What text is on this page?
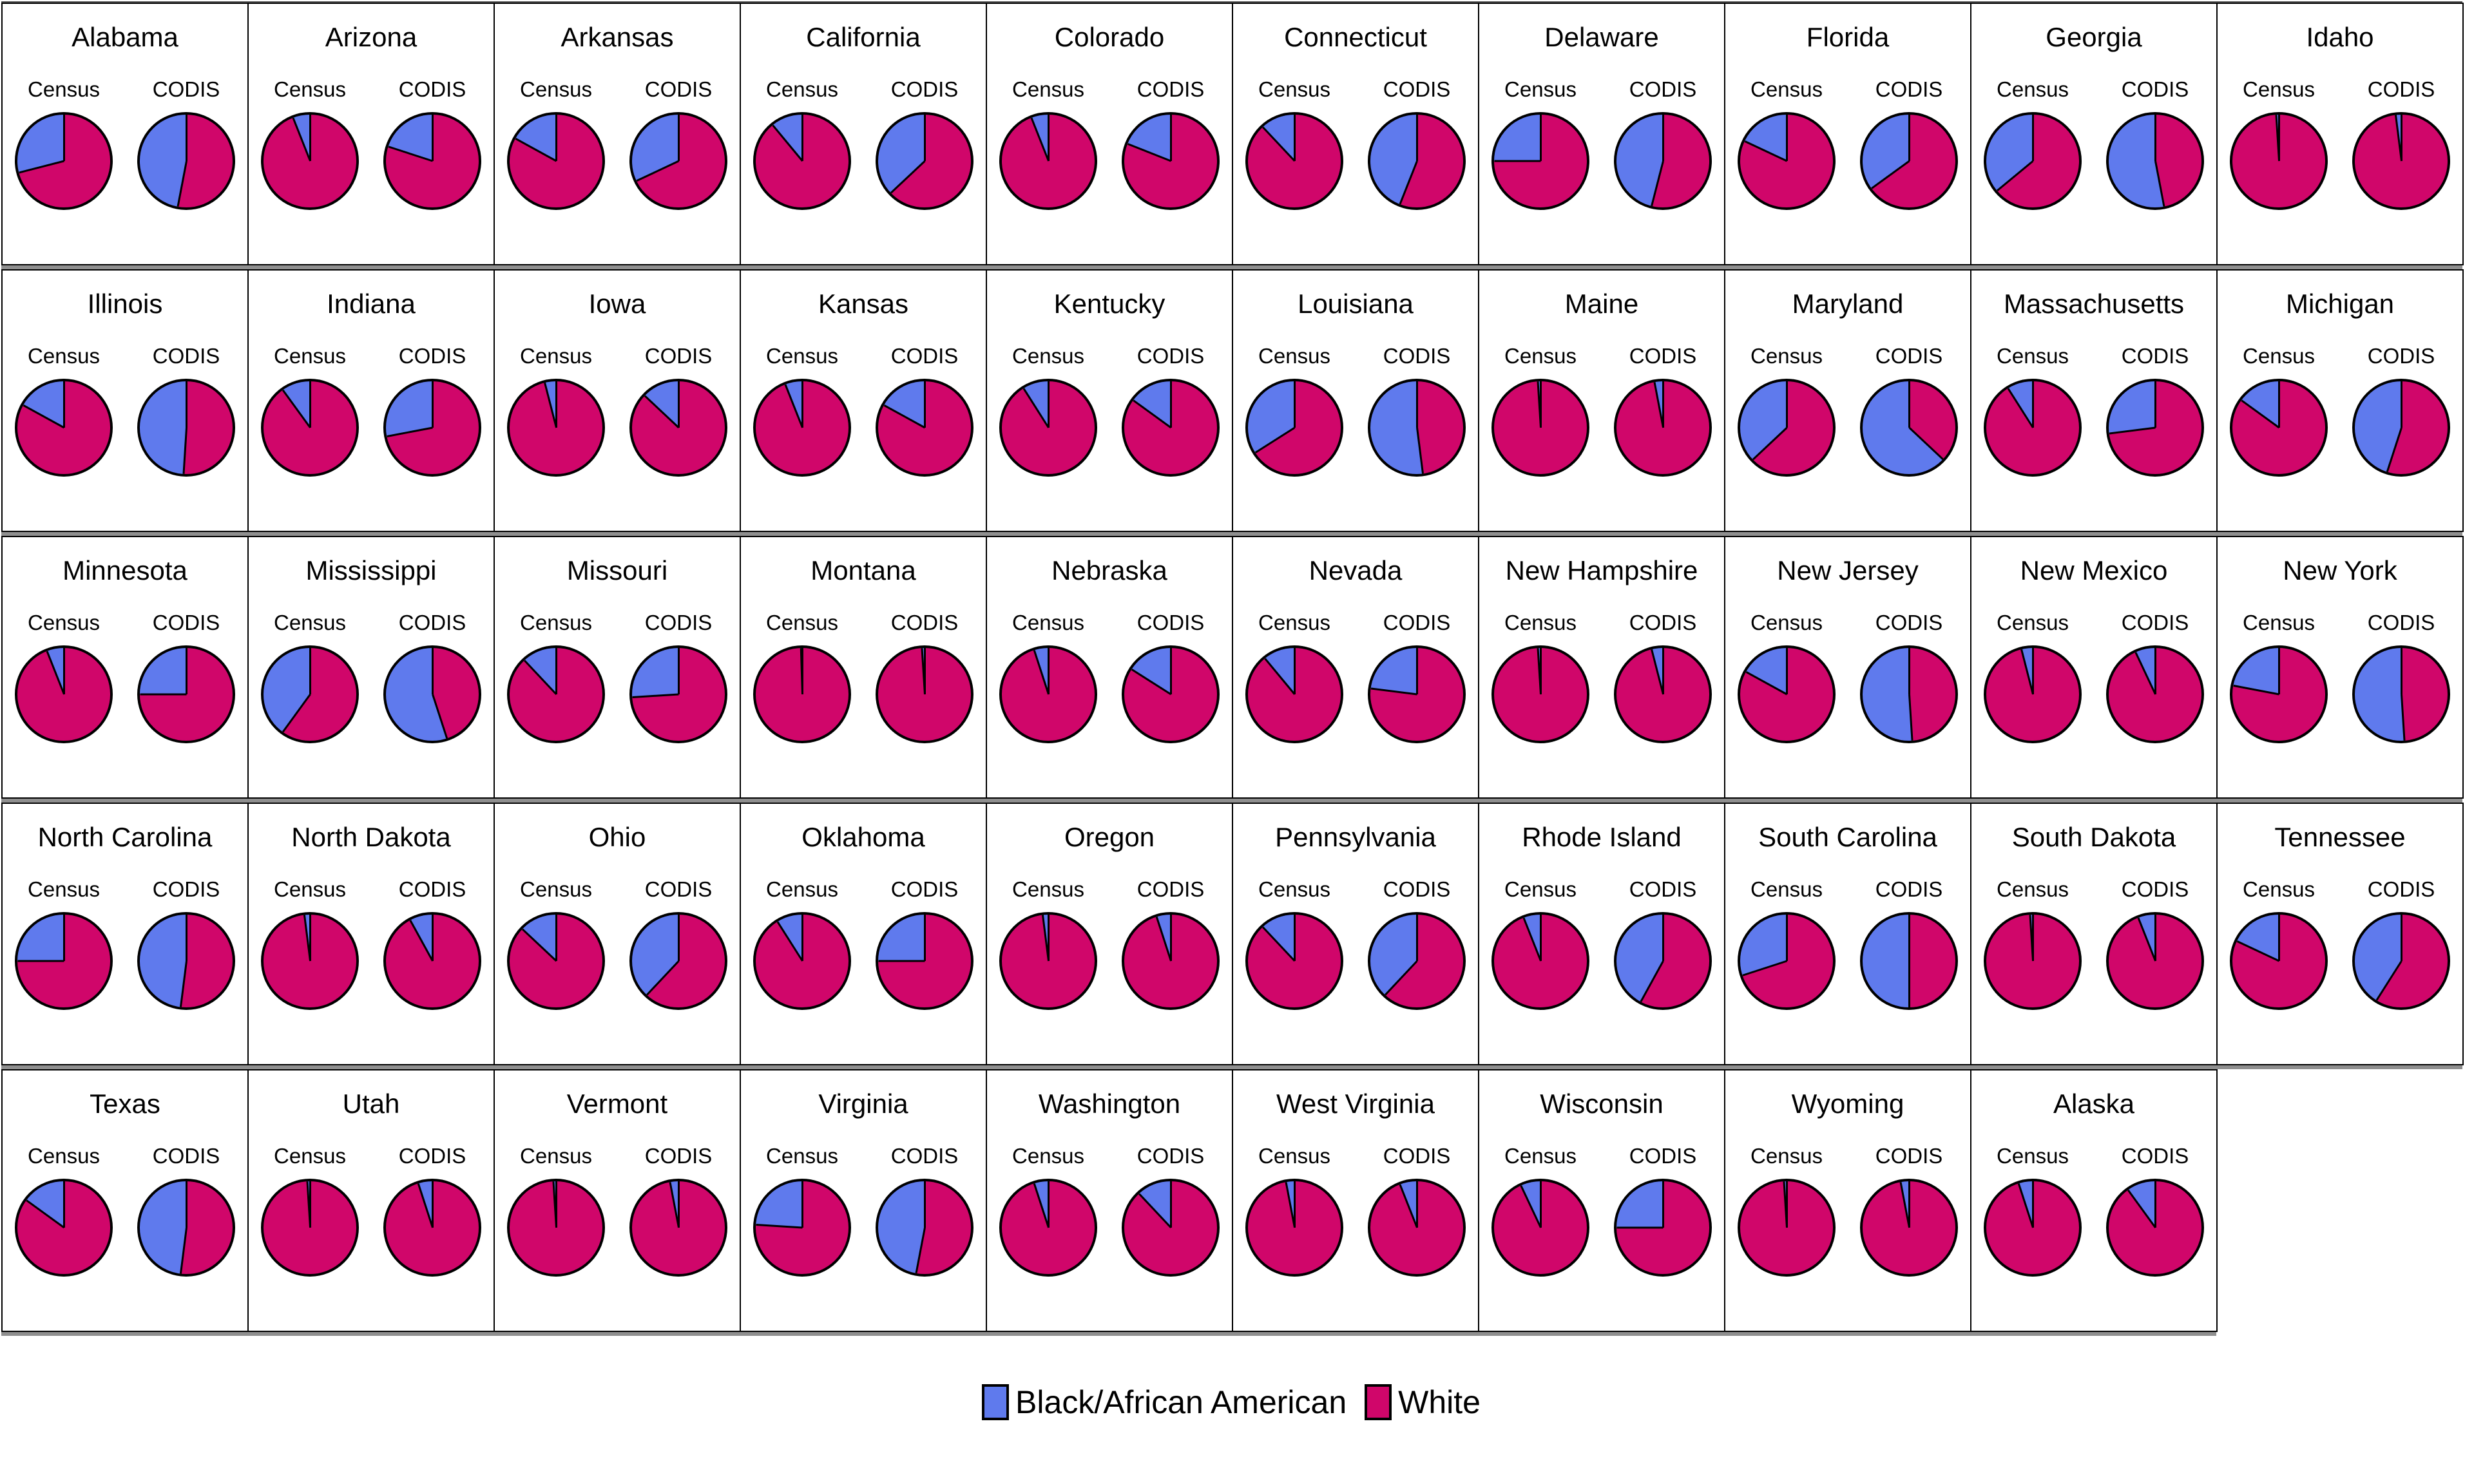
Alabama
Census	CODIS
Arizona
Census	CODIS
Arkansas
Census	CODIS
California
Census	CODIS
Colorado
Census	CODIS
Connecticut
Census	CODIS
Delaware
Census	CODIS
Florida
Census	CODIS
Georgia
Census	CODIS
Idaho
Census	CODIS
Illinois
Census	CODIS
Indiana
Census	CODIS
Iowa
Census	CODIS
Kansas
Census	CODIS
Kentucky
Census	CODIS
Louisiana
Census	CODIS
Maine
Census	CODIS
Maryland
Census	CODIS
Massachusetts
Census	CODIS
Michigan
Census	CODIS
Minnesota
Census	CODIS
Mississippi
Census	CODIS
Missouri
Census	CODIS
Montana
Census	CODIS
Nebraska
Census	CODIS
Nevada
Census	CODIS
New Hampshire
Census	CODIS
New Jersey
Census	CODIS
New Mexico
Census	CODIS
New York
Census	CODIS
North Carolina
Census	CODIS
North Dakota
Census	CODIS
Ohio
Census	CODIS
Oklahoma
Census	CODIS
Oregon
Census	CODIS
Pennsylvania
Census	CODIS
Rhode Island
Census	CODIS
South Carolina
Census	CODIS
South Dakota
Census	CODIS
Tennessee
Census	CODIS
Texas
Census	CODIS
Utah
Census	CODIS
Vermont
Census	CODIS
Virginia
Census	CODIS
Washington
Census	CODIS
West Virginia
Census	CODIS
Wisconsin
Census	CODIS
Wyoming
Census	CODIS
Alaska
Census	CODIS
Black/African American White
